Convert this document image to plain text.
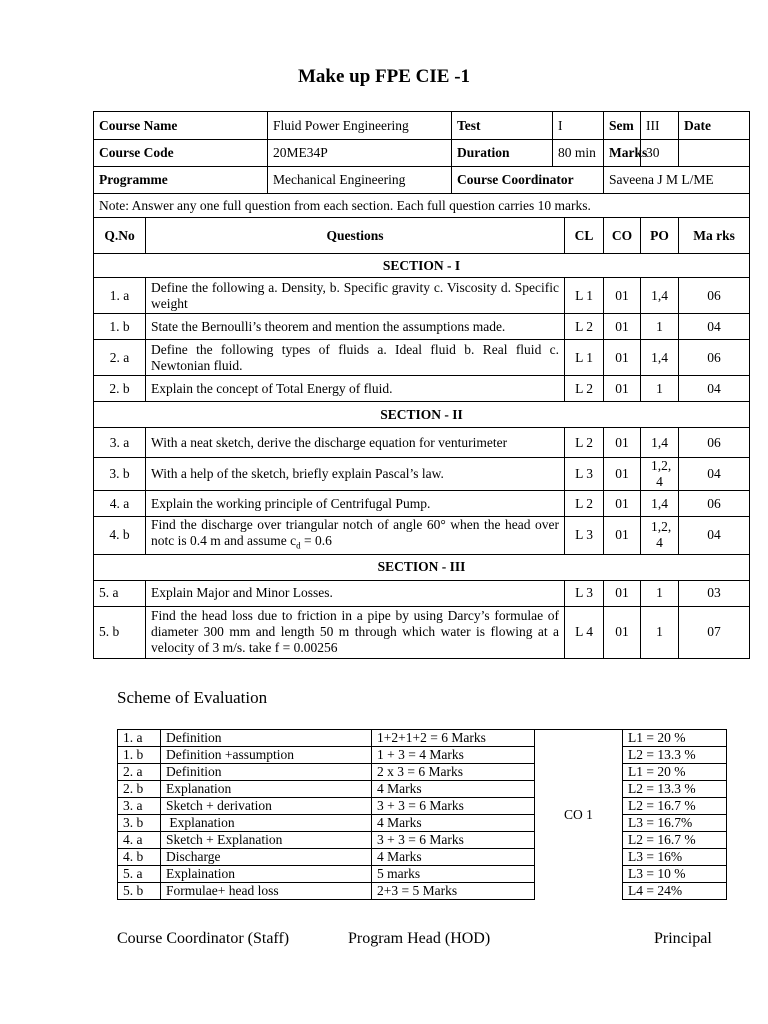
Make up FPE CIE -1
Course Name		Fluid Power Engineering	Test	I		Sem	III	Date
Course Code		20ME34P	Duration	80 min		Marks	30	
Programme		Mechanical Engineering	Course Coordinator			Saveena J M L/ME		
Note: Answer any one full question from each section. Each full question carries 10 marks.								
Q.No	Questions				CL	CO	PO	Ma rks
SECTION - I								
1. a	Define the following a. Density, b. Specific gravity c. Viscosity d. Specific weight				L 1	01	1,4	06
1. b	State the Bernoulli’s theorem and mention the assumptions made.				L 2	01	1	04
2. a	Define the following types of fluids a. Ideal fluid b. Real fluid c. Newtonian fluid.				L 1	01	1,4	06
2. b	Explain the concept of Total Energy of fluid.				L 2	01	1	04
SECTION - II								
3. a	With a neat sketch, derive the discharge equation for venturimeter				L 2	01	1,4	06
3. b	With a help of the sketch, briefly explain Pascal’s law.				L 3	01	1,2, 4	04
4. a	Explain the working principle of Centrifugal Pump.				L 2	01	1,4	06
4. b	Find the discharge over triangular notch of angle 60° when the head over notc is 0.4 m and assume $c_d = 0.6$				L 3	01	1,2, 4	04
SECTION - III								
5. a	Explain Major and Minor Losses.				L 3	01	1	03
5. b	Find the head loss due to friction in a pipe by using Darcy’s formulae of diameter 300 mm and length 50 m through which water is flowing at a velocity of 3 m/s. take f = 0.00256				L 4	01	1	07
Scheme of Evaluation
1. a	Definition	1+2+1+2 = 6 Marks	CO 1	L1 = 20 %
1. b	Definition +assumption	1 + 3 = 4 Marks		L2 = 13.3 %
2. a	Definition	2 x 3 = 6 Marks		L1 = 20 %
2. b	Explanation	4 Marks		L2 = 13.3 %
3. a	Sketch + derivation	3 + 3 = 6 Marks		L2 = 16.7 %
3. b	Explanation	4 Marks		L3 = 16.7%
4. a	Sketch + Explanation	3 + 3 = 6 Marks		L2 = 16.7 %
4. b	Discharge	4 Marks		L3 = 16%
5. a	Explaination	5 marks		L3 = 10 %
5. b	Formulae+ head loss	2+3 = 5 Marks		L4 = 24%
Course Coordinator (Staff)	Program Head (HOD)	Principal
